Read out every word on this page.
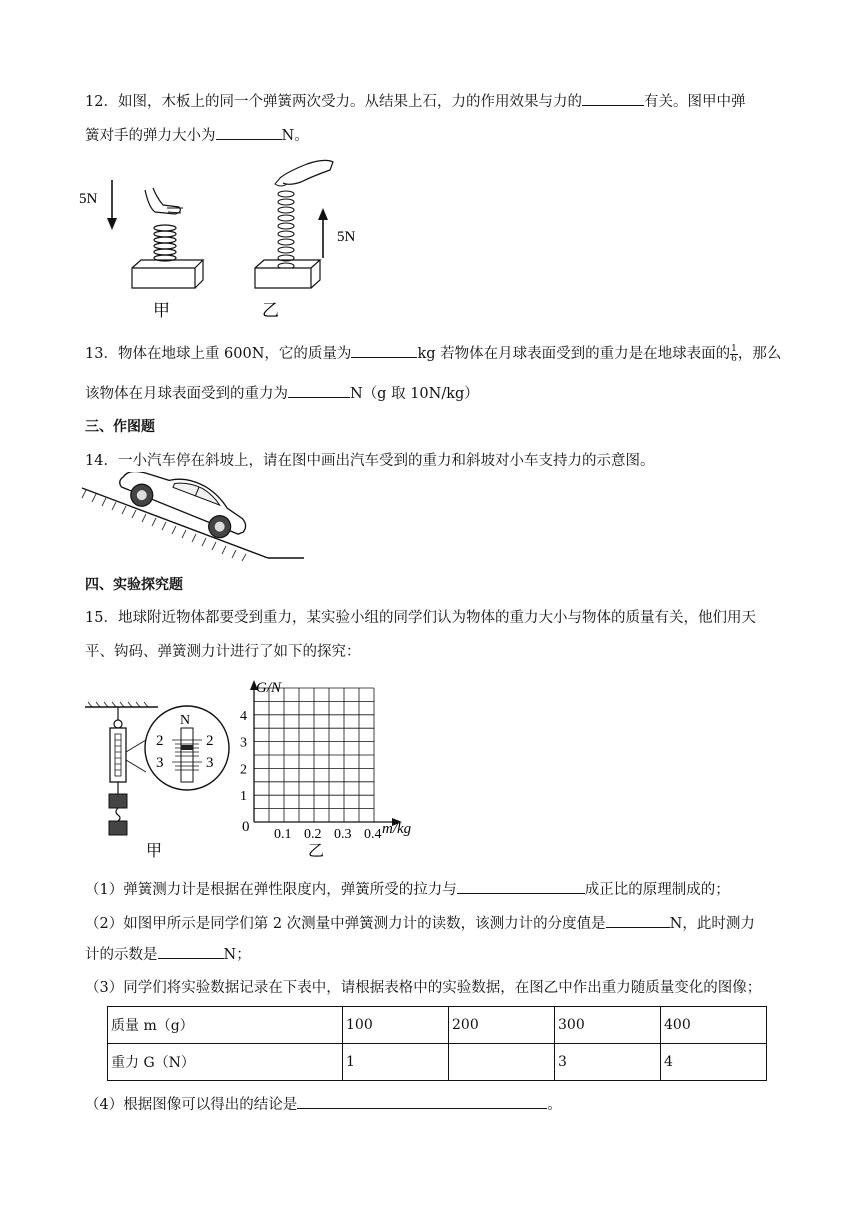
12．如图，木板上的同一个弹簧两次受力。从结果上石，力的作用效果与力的	有关。图甲中弹
簧对手的弹力大小为	N。
5N
甲
5N
乙
13．物体在地球上重 600N，它的质量为	kg 若物体在月球表面受到的重力是在地球表面的 $\frac{1}{6}$ ，那么
该物体在月球表面受到的重力为	N（g 取 10N/kg）
三、作图题
14．一小汽车停在斜坡上，请在图中画出汽车受到的重力和斜坡对小车支持力的示意图。
四、实验探究题
15．地球附近物体都要受到重力，某实验小组的同学们认为物体的重力大小与物体的质量有关，他们用天
平、钩码、弹簧测力计进行了如下的探究：
N
2	2
3	3
甲
0.1 0.2 0.3 0.4
1
2
3
4
G/N
m/kg
0
乙
（1）弹簧测力计是根据在弹性限度内，弹簧所受的拉力与	成正比的原理制成的；
（2）如图甲所示是同学们第 2 次测量中弹簧测力计的读数，该测力计的分度值是	N，此时测力
计的示数是	N；
（3）同学们将实验数据记录在下表中，请根据表格中的实验数据，在图乙中作出重力随质量变化的图像；
质量 m（g）	100	200	300	400
重力 G（N）	1		3	4
（4）根据图像可以得出的结论是	。
